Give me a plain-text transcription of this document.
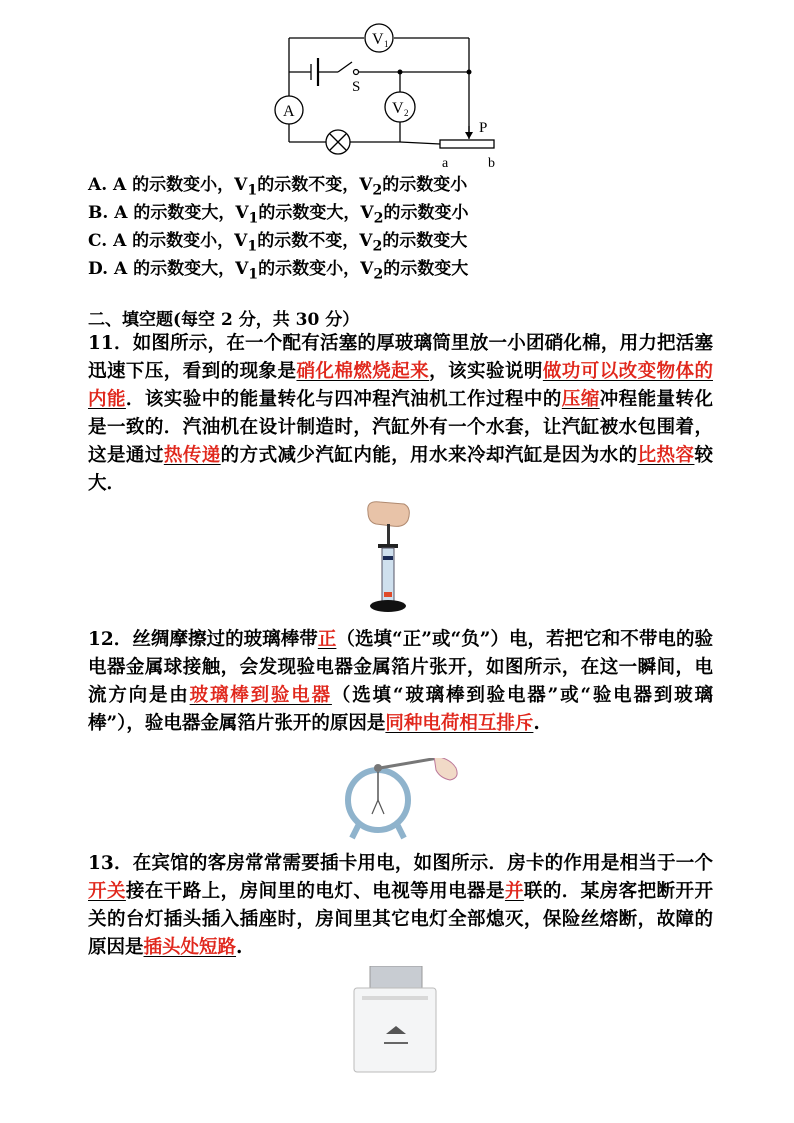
V 1
A	V 2
S
P
a	b
A. A 的示数变小，$V_1$的示数不变，$V_2$的示数变小
B. A 的示数变大，$V_1$的示数变大，$V_2$的示数变小
C. A 的示数变小，$V_1$的示数不变，$V_2$的示数变大
D. A 的示数变大，$V_1$的示数变小，$V_2$的示数变大
二、填空题(每空 2 分，共 30 分）
11．如图所示，在一个配有活塞的厚玻璃筒里放一小团硝化棉，用力把活塞迅速下压，看到的现象是硝化棉燃烧起来，该实验说明做功可以改变物体的内能．该实验中的能量转化与四冲程汽油机工作过程中的压缩冲程能量转化是一致的．汽油机在设计制造时，汽缸外有一个水套，让汽缸被水包围着，这是通过热传递的方式减少汽缸内能，用水来冷却汽缸是因为水的比热容较大．
12．丝绸摩擦过的玻璃棒带正（选填“正”或“负”）电，若把它和不带电的验电器金属球接触，会发现验电器金属箔片张开，如图所示，在这一瞬间，电流方向是由玻璃棒到验电器（选填“玻璃棒到验电器”或“验电器到玻璃棒”），验电器金属箔片张开的原因是同种电荷相互排斥.
13．在宾馆的客房常常需要插卡用电，如图所示．房卡的作用是相当于一个开关接在干路上，房间里的电灯、电视等用电器是并联的．某房客把断开开关的台灯插头插入插座时，房间里其它电灯全部熄灭，保险丝熔断，故障的原因是插头处短路.
